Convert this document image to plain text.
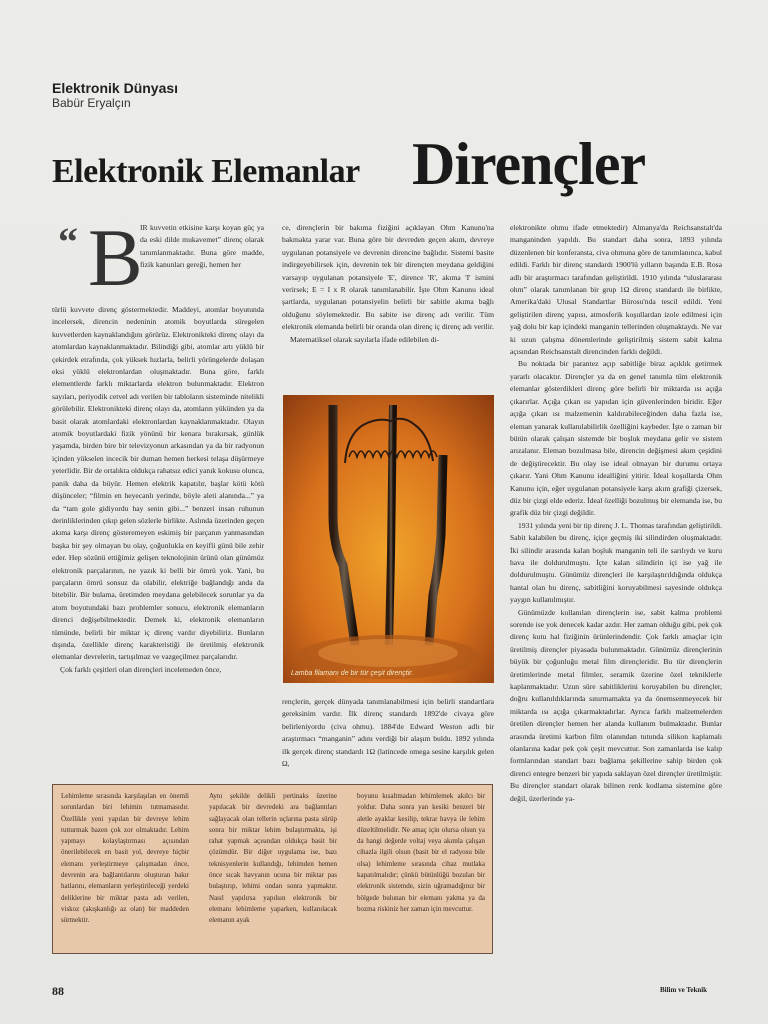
Elektronik Dünyası
Babür Eryalçın
Elektronik Elemanlar Dirençler
“ B
IR kuvvetin etkisine karşı koyan güç ya da eski dilde mukavemet” direnç olarak tanımlanmaktadır. Buna göre madde, fizik kanunları gereği, hemen her

türlü kuvvete direnç göstermektedir. Maddeyi, atomlar boyutunda incelersek, direncin nedeninin atomik boyutlarda süregelen kuvvetlerden kaynaklandığını görürüz. Elektronikteki direnç olayı da atomlardan kaynaklanmaktadır. Bilindiği gibi, atomlar artı yüklü bir çekirdek etrafında, çok yüksek hızlarla, belirli yörüngelerde dolaşan eksi yüklü elektronlardan oluşmaktadır. Buna göre, farklı elementlerde farklı miktarlarda elektron bulunmaktadır. Elektron sayıları, periyodik cetvel adı verilen bir tabloların sisteminde nitelikli görülebilir. Elektronikteki direnç olayı da, atomların yükünden ya da basit olarak atomlardaki elektronlardan kaynaklanmaktadır. Olayın atomik boyutlardaki fizik yönünü bir kenara bırakırsak, günlük yaşamda, birden bire bir televizyonun arkasından ya da bir radyonun içinden yükselen incecik bir duman hemen herkesi telaşa düşürmeye yeterlidir. Bir de ortalıkta oldukça rahatsız edici yanık kokusu olunca, panik daha da büyür. Hemen elektrik kapatılır, başlar kötü kötü düşünceler; “filmin en heyecanlı yerinde, böyle aleti alanında...” ya da “tam gole gidiyordu hay senin gibi...” benzeri insan ruhunun derinliklerinden çıkıp gelen sözlerle birlikte. Aslında üzerinden geçen akıma karşı direnç gösteremeyen eskimiş bir parçanın yanmasından başka bir şey olmayan bu olay, çoğunlukla en keyifli günü bile zehir eder. Hep sözünü ettiğimiz gelişen teknolojinin ürünü olan günümüz elektronik parçalarının, ne yazık ki belli bir ömrü yok. Yani, bu parçaların ömrü sonsuz da olabilir, elektriğe bağlandığı anda da bitebilir. Bir bulama, üretimden meydana gelebilecek sorunlar ya da atom boyutundaki bazı problemler sonucu, elektronik elemanların direnci değişebilmektedir. Demek ki, elektronik elemanların tümünde, belirli bir miktar iç direnç vardır diyebiliriz. Bunların dışında, özellikle direnç karakteristiği ile üretilmiş elektronik elemanlar devrelerin, tartışılmaz ve vazgeçilmez parçalarıdır.

Çok farklı çeşitleri olan dirençleri incelemeden önce,

ce, dirençlerin bir bakıma fiziğini açıklayan Ohm Kanunu'na bakmakta yarar var. Buna göre bir devreden geçen akım, devreye uygulanan potansiyele ve devrenin direncine bağlıdır. Sistemi basite indirgeyebilirsek için, devrenin tek bir dirençten meydana geldiğini varsayıp uygulanan potansiyele 'E', dirence 'R', akıma 'I' ismini verirsek; E = I x R olarak tanımlanabilir. İşte Ohm Kanunu ideal şartlarda, uygulanan potansiyelin belirli bir sabitle akıma bağlı olduğunu söylemektedir. Bu sabite ise direnç adı verilir. Tüm elektronik elemanda belirli bir oranda olan direnç iç direnç adı verilir.

Matematiksel olarak sayılarla ifade edilebilen di-

Lamba filamanı de bir tür çeşit dirençtir.

rençlerin, gerçek dünyada tanımlanabilmesi için belirli standartlara gereksinim vardır. İlk direnç standardı 1892'de civaya göre belirleniyordu (civa ohmu). 1884'de Edward Weston adlı bir araştırmacı “manganin” adını verdiği bir alaşım buldu. 1892 yılında ilk gerçek direnç standardı 1Ω (latincede omega sesine karşılık gelen Ω,

elektronikte ohmu ifade etmektedir) Almanya'da Reichsanstalt'da manganinden yapıldı. Bu standart daha sonra, 1893 yılında düzenlenen bir konferansta, civa ohmuna göre de tanımlanınca, kabul edildi. Farklı bir direnç standardı 1900'lü yılların başında E.B. Rosa adlı bir araştırmacı tarafından geliştirildi. 1910 yılında “uluslararası ohm” olarak tanımlanan bir grup 1Ω direnç standardı ile birlikte, Amerika'daki Ulusal Standartlar Bürosu'nda tescil edildi. Yeni geliştirilen direnç yapısı, atmosferik koşullardan izole edilmesi için yağ dolu bir kap içindeki manganin tellerinden oluşmaktaydı. Ne var ki uzun çalışma dönemlerinde geliştirilmiş sistem sabit kalma açısından Reichsanstalt direncinden farklı değildi.

Bu noktada bir parantez açıp sabitliğe biraz açıklık getirmek yararlı olacaktır. Dirençler ya da en genel tanımla tüm elektronik elemanlar gösterdikleri direnç göre belirli bir miktarda ısı açığa çıkarırlar. Açığa çıkan ısı yapıdan için güvenlerinden biridir. Eğer açığa çıkan ısı malzemenin kaldırabileceğinden daha fazla ise, eleman yanarak kullanılabilirlik özelliğini kaybeder. İşte o zaman bir bütün olarak çalışan sistemde bir boşluk meydana gelir ve sistem arızalanır. Eleman bozulmasa bile, direncin değişmesi akım çeşidini de değiştirecektir. Bu olay ise ideal olmayan bir durumu ortaya çıkarır. Yani Ohm Kanunu idealliğini yitirir. İdeal koşullarda Ohm Kanunu için, eğer uygulanan potansiyele karşı akım grafiği çizersek, düz bir çizgi elde ederiz. İdeal özelliği bozulmuş bir elemanda ise, bu grafik düz bir çizgi değildir.

1931 yılında yeni bir tip direnç J. L. Thomas tarafından geliştirildi. Sabit kalabilen bu direnç, içiçe geçmiş iki silindirden oluşmaktadır. İki silindir arasında kalan boşluk manganin teli ile sarılıydı ve kuru hava ile doldurulmuştu. İçte kalan silindirin içi ise yağ ile doldurulmuştu. Günümüz dirençleri ile karşılaştırıldığında oldukça hantal olan bu direnç, sabitliğini koruyabilmesi sayesinde oldukça yaygın kullanılmıştır.

Günümüzde kullanılan dirençlerin ise, sabit kalma problemi sorende ise yok denecek kadar azdır. Her zaman olduğu gibi, pek çok direnç kutu hal fiziğinin ürünlerindendir. Çok farklı amaçlar için üretilmiş dirençler piyasada bulunmaktadır. Günümüz dirençlerinin büyük bir çoğunluğu metal film dirençleridir. Bu tür dirençlerin üretimlerinde metal filmler, seramik üzerine özel tekniklerle kaplanmaktadır. Uzun süre sabitliklerini koruyabilen bu dirençler, doğru kullanıldıklarında sınırmamakta ya da önemsenmeyecek bir miktarda ısı açığa çıkarmaktadırlar. Ayrıca farklı malzemelerden üretilen dirençler hemen her alanda kullanım bulmaktadır. Bunlar arasında üretimi karbon film olanından tutunda silikon kaplamalı olanlarına kadar pek çok çeşit mevcuttur. Son zamanlarda ise kalıp formlarından standart bazı bağlama şekillerine sahip birden çok direnci entegre benzeri bir yapıda saklayan özel dirençler üretilmiştir. Bu dirençler standart olarak bilinen renk kodlama sistemine göre değil, üzerlerinde ya-

Lehimleme sırasında karşılaşılan en önemli sorunlardan biri lehimin tutmamasıdır. Özellikle yeni yapılan bir devreye lehim tutturmak bazen çok zor olmaktadır. Lehim yapmayı kolaylaştırması açısından önerilebilecek en basit yol, devreye hiçbir elemanı yerleştirmeye çalışmadan önce, devrenin ara bağlantılarını oluşturan bakır hatlarını, elemanların yerleştirileceği yerdeki deliklerine bir miktar pasta adı verilen, viskoz (akışkanlığı az olan) bir maddeden sürmektir.
Aynı şekilde delikli pertinaks üzerine yapılacak bir devredeki ara bağlantıları sağlayacak olan tellerin uçlarına pasta sürüp sonra bir miktar lehim bulaştırmakta, işi rahat yapmak açısından oldukça basit bir çözümdür. Bir diğer uygulama ise, bazı teknisyenlerin kullandığı, lehimden hemen önce sıcak havyanın ucuna bir miktar pas bulaştırıp, lehimi ondan sonra yapmaktır. Nasıl yapılırsa yapılsın elektronik bir elemanı lehimleme yaparken, kullanılacak elemanın ayak
boyunu kısaltmadan lehimlemek akılcı bir yoldur. Daha sonra yan kesiki benzeri bir aletle ayaklar kesilip, tekrar havya ile lehim düzeltilmelidir. Ne amaç için olursa olsun ya da hangi değerde voltaj veya akımla çalışan cihazla ilgili olsun (basit bir el radyosu bile olsa) lehimleme sırasında cihaz mutlaka kapatılmalıdır; çünkü bütünlüğü bozulan bir elektronik sistemde, sizin uğramadığınız bir bölgede bulunan bir elemanı yakma ya da bozma riskiniz her zaman için mevcuttur.
88	Bilim ve Teknik
